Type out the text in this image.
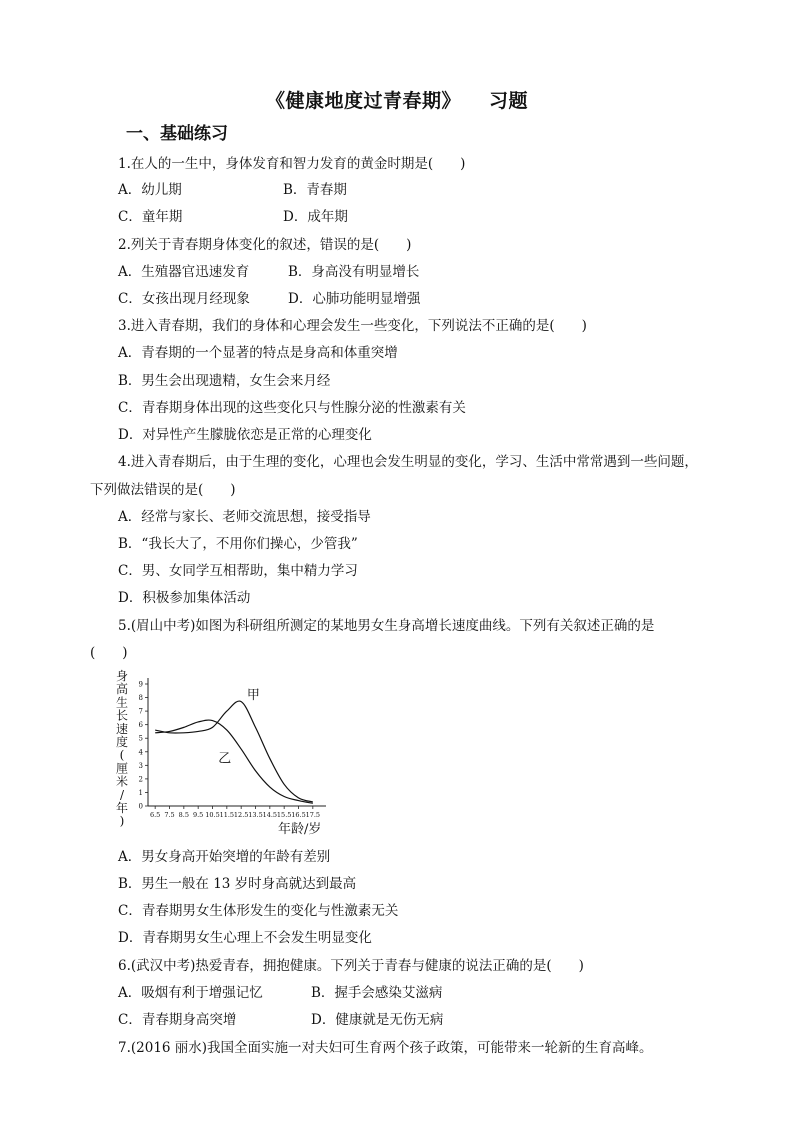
《健康地度过青春期》 习题
一、基础练习
1.在人的一生中，身体发育和智力发育的黄金时期是(　　)
A．幼儿期	B．青春期
C．童年期	D．成年期
2.列关于青春期身体变化的叙述，错误的是(　　)
A．生殖器官迅速发育	B．身高没有明显增长
C．女孩出现月经现象	D．心肺功能明显增强
3.进入青春期，我们的身体和心理会发生一些变化，下列说法不正确的是(　　)
A．青春期的一个显著的特点是身高和体重突增
B．男生会出现遗精，女生会来月经
C．青春期身体出现的这些变化只与性腺分泌的性激素有关
D．对异性产生朦胧依恋是正常的心理变化
4.进入青春期后，由于生理的变化，心理也会发生明显的变化，学习、生活中常常遇到一些问题，
下列做法错误的是(　　)
A．经常与家长、老师交流思想，接受指导
B．“我长大了，不用你们操心，少管我”
C．男、女同学互相帮助，集中精力学习
D．积极参加集体活动
5.(眉山中考)如图为科研组所测定的某地男女生身高增长速度曲线。下列有关叙述正确的是
(　　)
身
高
生
长
速
度
(
厘
米
/
年
)
0
1
2
3
4
5
6
7
8
9
6.5 7.5 8.5 9.5 10.5 11.5 12.5 13.5 14.5 15.5 16.5 17.5
甲
乙
年龄/岁
A．男女身高开始突增的年龄有差别
B．男生一般在 13 岁时身高就达到最高
C．青春期男女生体形发生的变化与性激素无关
D．青春期男女生心理上不会发生明显变化
6.(武汉中考)热爱青春，拥抱健康。下列关于青春与健康的说法正确的是(　　)
A．吸烟有利于增强记忆	B．握手会感染艾滋病
C．青春期身高突增	D．健康就是无伤无病
7.(2016 丽水)我国全面实施一对夫妇可生育两个孩子政策，可能带来一轮新的生育高峰。
